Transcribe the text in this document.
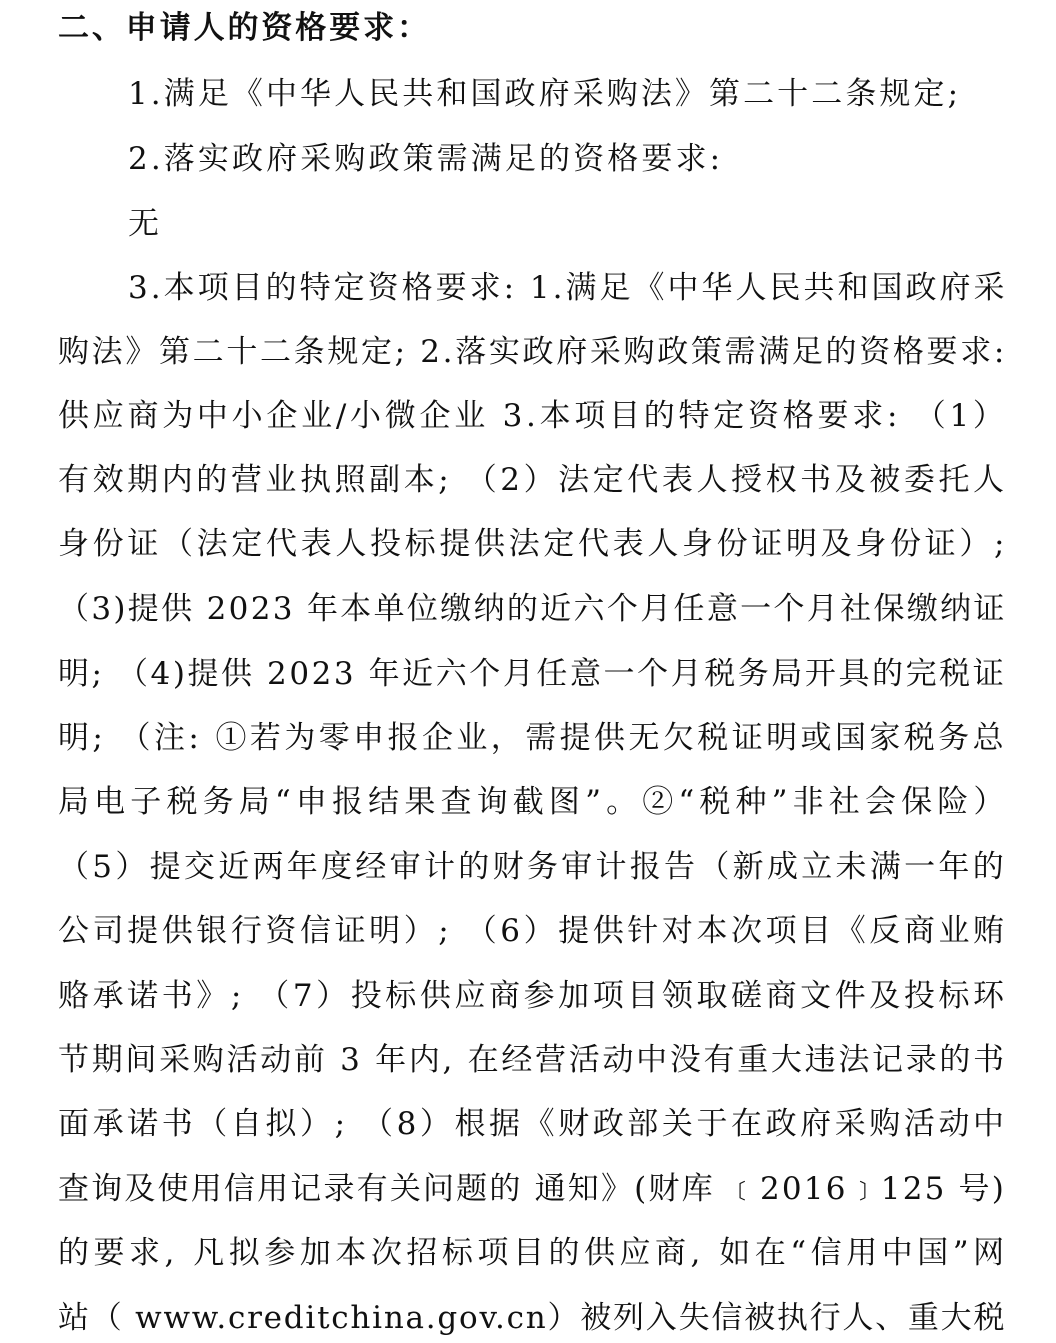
二、申请人的资格要求：
1.满足《中华人民共和国政府采购法》第二十二条规定;
2.落实政府采购政策需满足的资格要求:
无
3.本项目的特定资格要求: 1.满足《中华人民共和国政府采
购法》第二十二条规定; 2.落实政府采购政策需满足的资格要求:
供应商为中小企业/小微企业 3.本项目的特定资格要求: （1）
有效期内的营业执照副本; （2）法定代表人授权书及被委托人
身份证（法定代表人投标提供法定代表人身份证明及身份证）;
（3)提供 2023 年本单位缴纳的近六个月任意一个月社保缴纳证
明; （4)提供 2023 年近六个月任意一个月税务局开具的完税证
明; （注: ①若为零申报企业，需提供无欠税证明或国家税务总
局电子税务局“申报结果查询截图”。②“税种”非社会保险）
（5）提交近两年度经审计的财务审计报告（新成立未满一年的
公司提供银行资信证明）; （6）提供针对本次项目《反商业贿
赂承诺书》; （7）投标供应商参加项目领取磋商文件及投标环
节期间采购活动前 3 年内, 在经营活动中没有重大违法记录的书
面承诺书（自拟）; （8）根据《财政部关于在政府采购活动中
查询及使用信用记录有关问题的 通知》(财库 ﹝2016﹞125 号)
的要求, 凡拟参加本次招标项目的供应商, 如在“信用中国”网
站（ www.creditchina.gov.cn）被列入失信被执行人、重大税
